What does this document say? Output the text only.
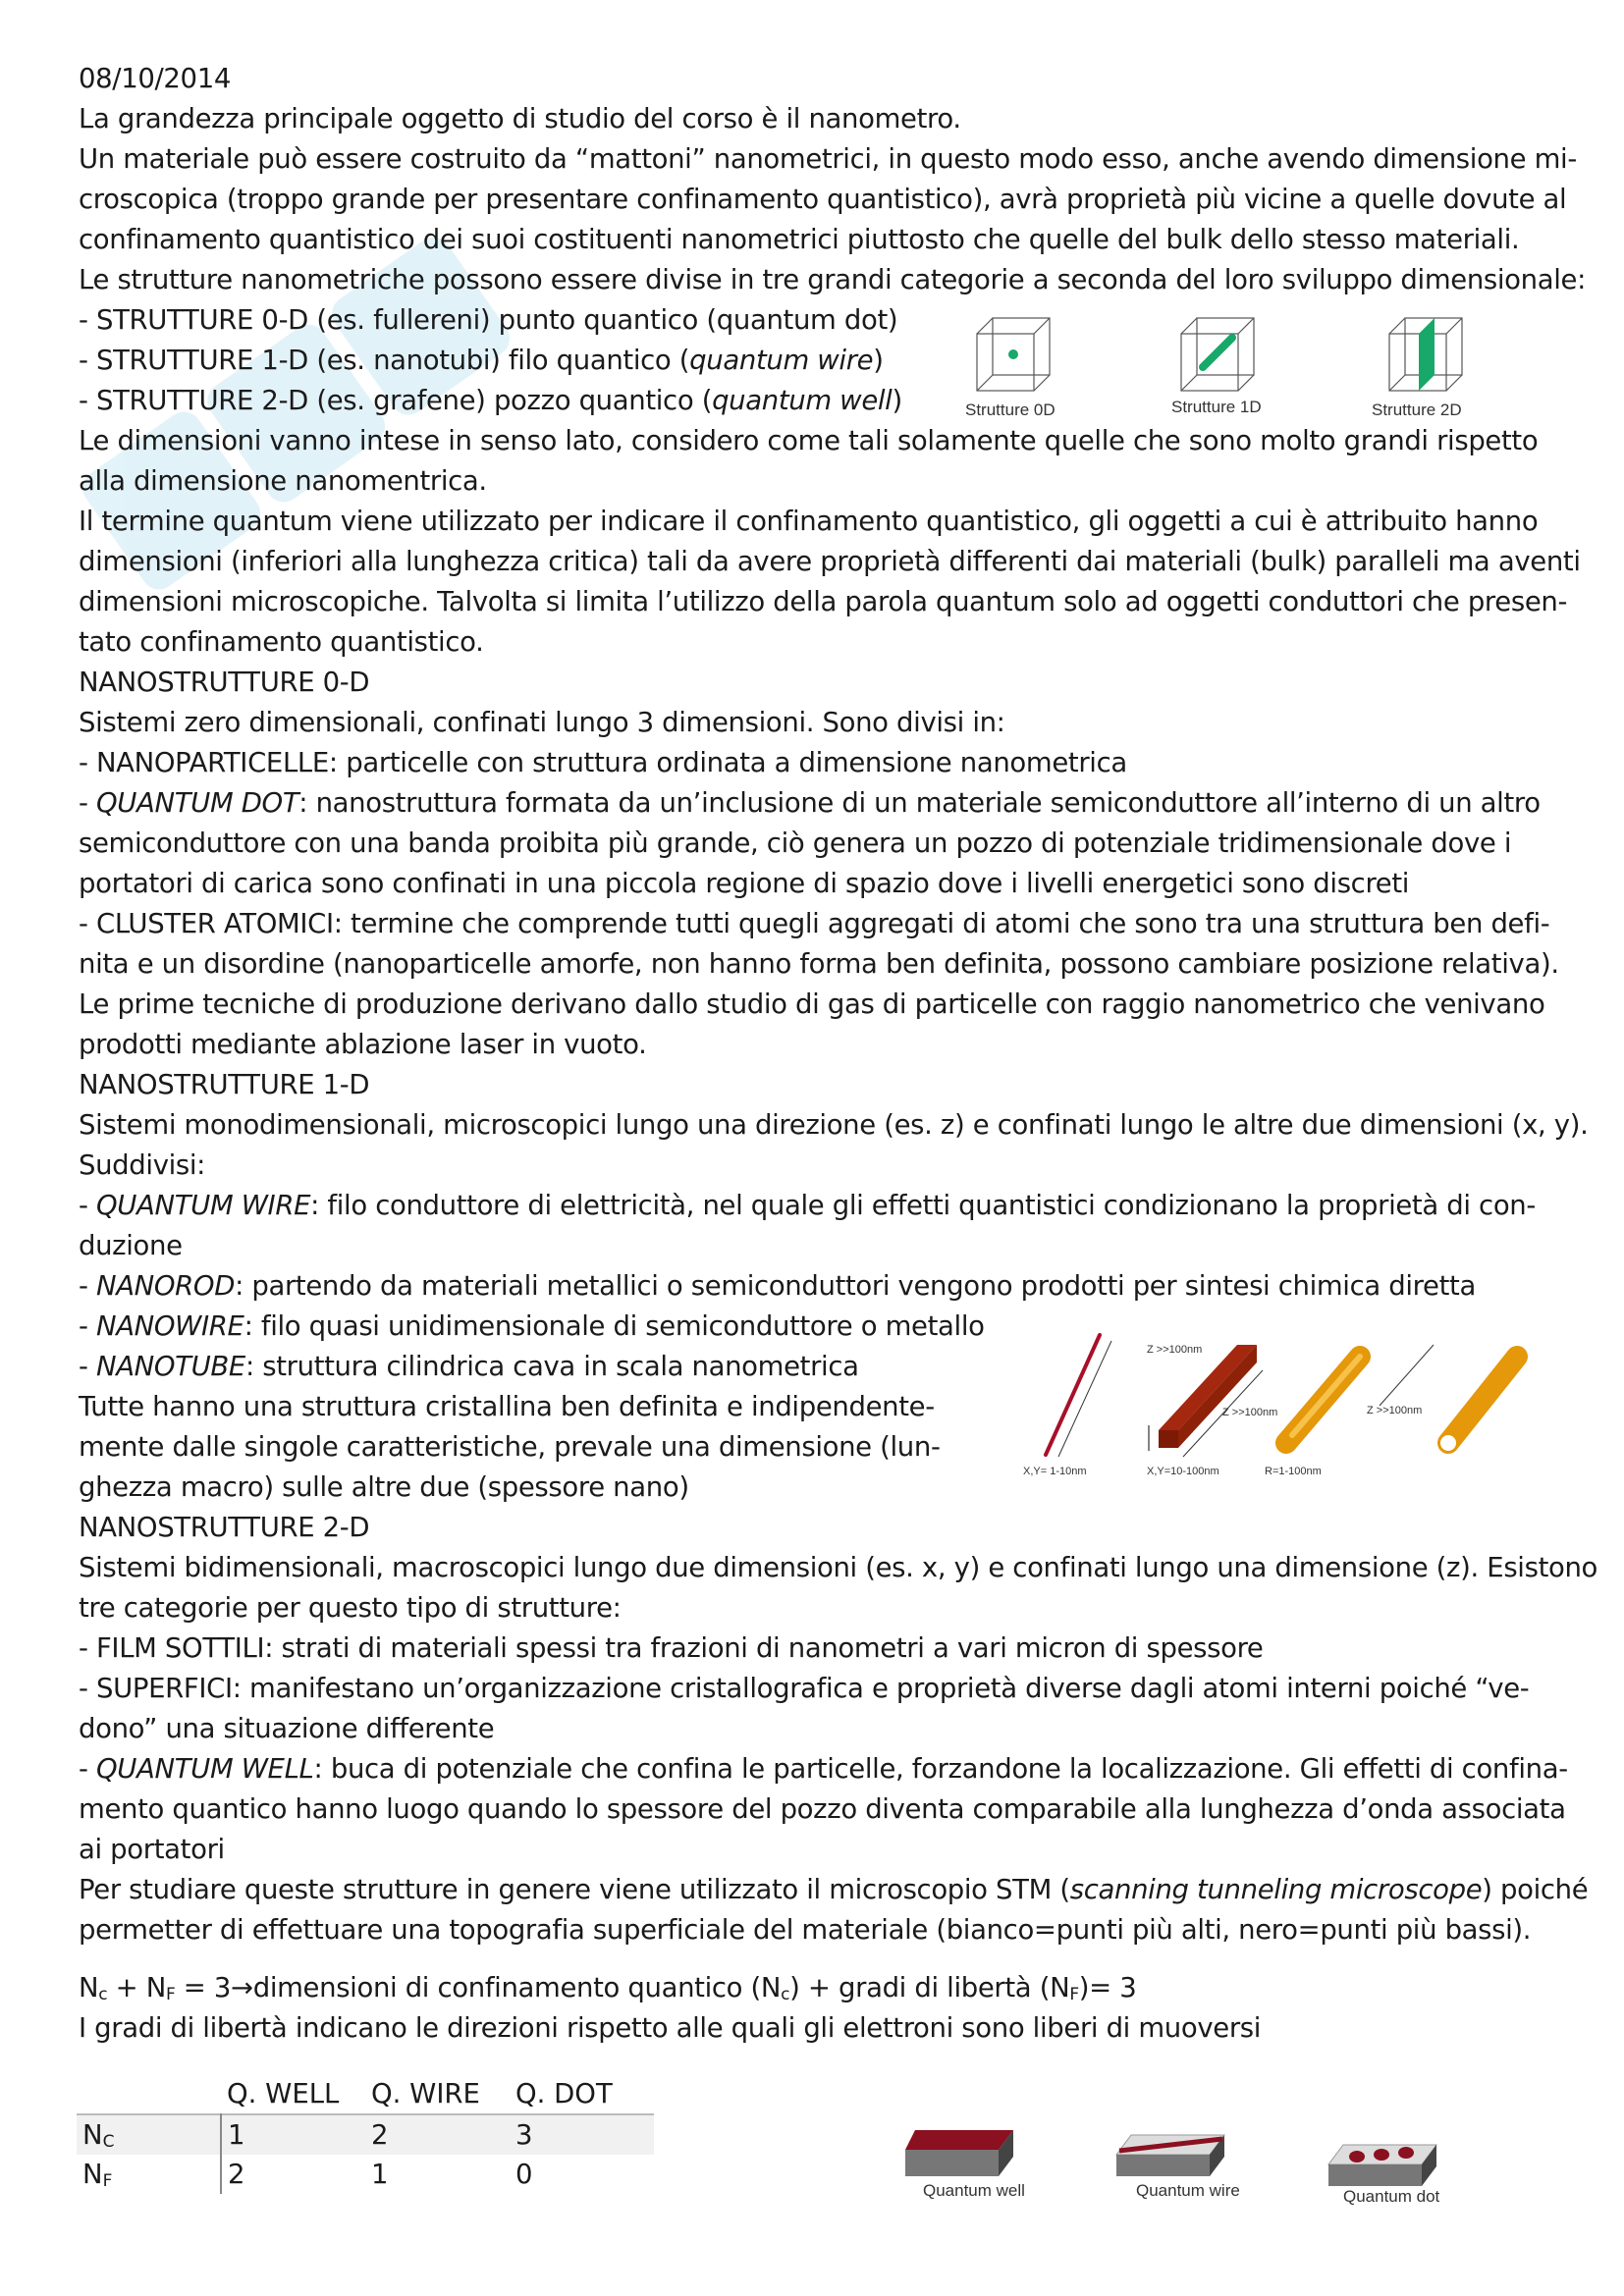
08/10/2014
La grandezza principale oggetto di studio del corso è il nanometro.
Un materiale può essere costruito da “mattoni” nanometrici, in questo modo esso, anche avendo dimensione mi-
croscopica (troppo grande per presentare confinamento quantistico), avrà proprietà più vicine a quelle dovute al
confinamento quantistico dei suoi costituenti nanometrici piuttosto che quelle del bulk dello stesso materiali.
Le strutture nanometriche possono essere divise in tre grandi categorie a seconda del loro sviluppo dimensionale:
- STRUTTURE 0-D (es. fullereni) punto quantico (quantum dot)
- STRUTTURE 1-D (es. nanotubi) filo quantico (quantum wire)
- STRUTTURE 2-D (es. grafene) pozzo quantico (quantum well)
Le dimensioni vanno intese in senso lato, considero come tali solamente quelle che sono molto grandi rispetto
alla dimensione nanomentrica.
Il termine quantum viene utilizzato per indicare il confinamento quantistico, gli oggetti a cui è attribuito hanno
dimensioni (inferiori alla lunghezza critica) tali da avere proprietà differenti dai materiali (bulk) paralleli ma aventi
dimensioni microscopiche. Talvolta si limita l’utilizzo della parola quantum solo ad oggetti conduttori che presen-
tato confinamento quantistico.
NANOSTRUTTURE 0-D
Sistemi zero dimensionali, confinati lungo 3 dimensioni. Sono divisi in:
- NANOPARTICELLE: particelle con struttura ordinata a dimensione nanometrica
- QUANTUM DOT: nanostruttura formata da un’inclusione di un materiale semiconduttore all’interno di un altro
semiconduttore con una banda proibita più grande, ciò genera un pozzo di potenziale tridimensionale dove i
portatori di carica sono confinati in una piccola regione di spazio dove i livelli energetici sono discreti
- CLUSTER ATOMICI: termine che comprende tutti quegli aggregati di atomi che sono tra una struttura ben defi-
nita e un disordine (nanoparticelle amorfe, non hanno forma ben definita, possono cambiare posizione relativa).
Le prime tecniche di produzione derivano dallo studio di gas di particelle con raggio nanometrico che venivano
prodotti mediante ablazione laser in vuoto.
NANOSTRUTTURE 1-D
Sistemi monodimensionali, microscopici lungo una direzione (es. z) e confinati lungo le altre due dimensioni (x, y).
Suddivisi:
- QUANTUM WIRE: filo conduttore di elettricità, nel quale gli effetti quantistici condizionano la proprietà di con-
duzione
- NANOROD: partendo da materiali metallici o semiconduttori vengono prodotti per sintesi chimica diretta
- NANOWIRE: filo quasi unidimensionale di semiconduttore o metallo
- NANOTUBE: struttura cilindrica cava in scala nanometrica
Tutte hanno una struttura cristallina ben definita e indipendente-
mente dalle singole caratteristiche, prevale una dimensione (lun-
ghezza macro) sulle altre due (spessore nano)
NANOSTRUTTURE 2-D
Sistemi bidimensionali, macroscopici lungo due dimensioni (es. x, y) e confinati lungo una dimensione (z). Esistono
tre categorie per questo tipo di strutture:
- FILM SOTTILI: strati di materiali spessi tra frazioni di nanometri a vari micron di spessore
- SUPERFICI: manifestano un’organizzazione cristallografica e proprietà diverse dagli atomi interni poiché “ve-
dono” una situazione differente
- QUANTUM WELL: buca di potenziale che confina le particelle, forzandone la localizzazione. Gli effetti di confina-
mento quantico hanno luogo quando lo spessore del pozzo diventa comparabile alla lunghezza d’onda associata
ai portatori
Per studiare queste strutture in genere viene utilizzato il microscopio STM (scanning tunneling microscope) poiché
permetter di effettuare una topografia superficiale del materiale (bianco=punti più alti, nero=punti più bassi).
$N_c + N_F$ = 3→dimensioni di confinamento quantico $(N_c)$ + gradi di libertà $(N_F)= 3$
I gradi di libertà indicano le direzioni rispetto alle quali gli elettroni sono liberi di muoversi
	Q. WELL	Q. WIRE	Q. DOT
$N_C$	1	2	3
$N_F$	2	1	0
Strutture 0D	Strutture 1D	Strutture 2D
Z >>100nm
Z >>100nm	Z >>100nm
X,Y= 1-10nm	X,Y=10-100nm	R=1-100nm
Quantum well	Quantum wire	Quantum dot
